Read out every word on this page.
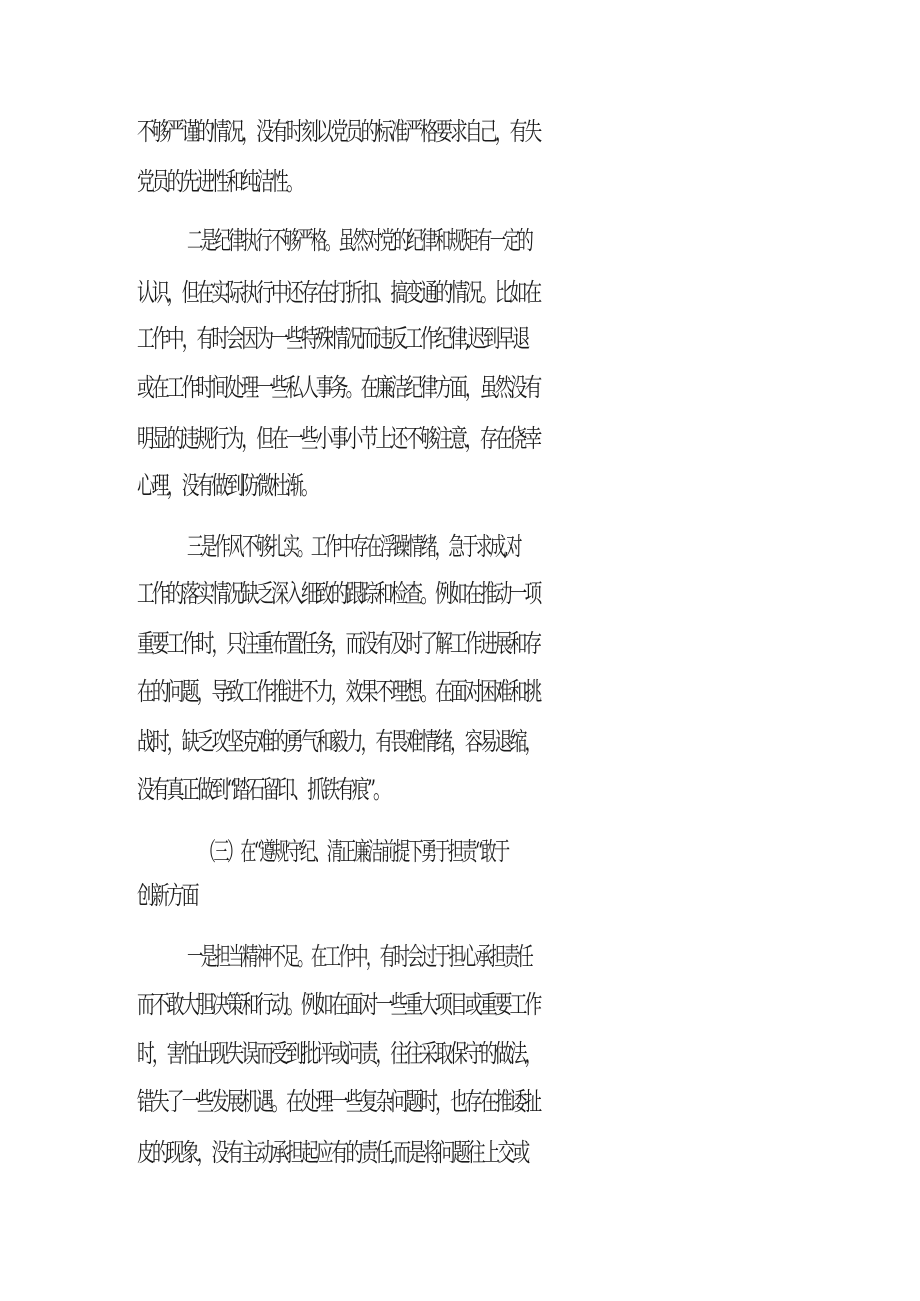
不够严谨的情况，没有时刻以党员的标准严格要求自己，有失
党员的先进性和纯洁性。
二是纪律执行不够严格。虽然对党的纪律和规矩有一定的
认识，但在实际执行中还存在打折扣、搞变通的情况。比如在
工作中，有时会因为一些特殊情况而违反工作纪律,迟到早退
或在工作时间处理一些私人事务。在廉洁纪律方面，虽然没有
明显的违规行为，但在一些小事小节上还不够注意，存在侥幸
心理，没有做到防微杜渐。
三是作风不够扎实。工作中存在浮躁情绪，急于求成,对
工作的落实情况缺乏深入细致的跟踪和检查。例如在推动一项
重要工作时，只注重布置任务，而没有及时了解工作进展和存
在的问题，导致工作推进不力，效果不理想。在面对困难和挑
战时，缺乏攻坚克难的勇气和毅力，有畏难情绪，容易退缩，
没有真正做到“踏石留印、抓铁有痕”。
（三）在“遵规守纪、清正廉洁前提下勇于担责“敢于
创新方面
一是担当精神不足。在工作中，有时会过于担心承担责任
而不敢大胆决策和行动。例如在面对一些重大项目或重要工作
时，害怕出现失误而受到批评或问责，往往采取保守的做法，
错失了一些发展机遇。在处理一些复杂问题时，也存在推诿扯
皮的现象，没有主动承担起应有的责任,而是将问题往上交或
